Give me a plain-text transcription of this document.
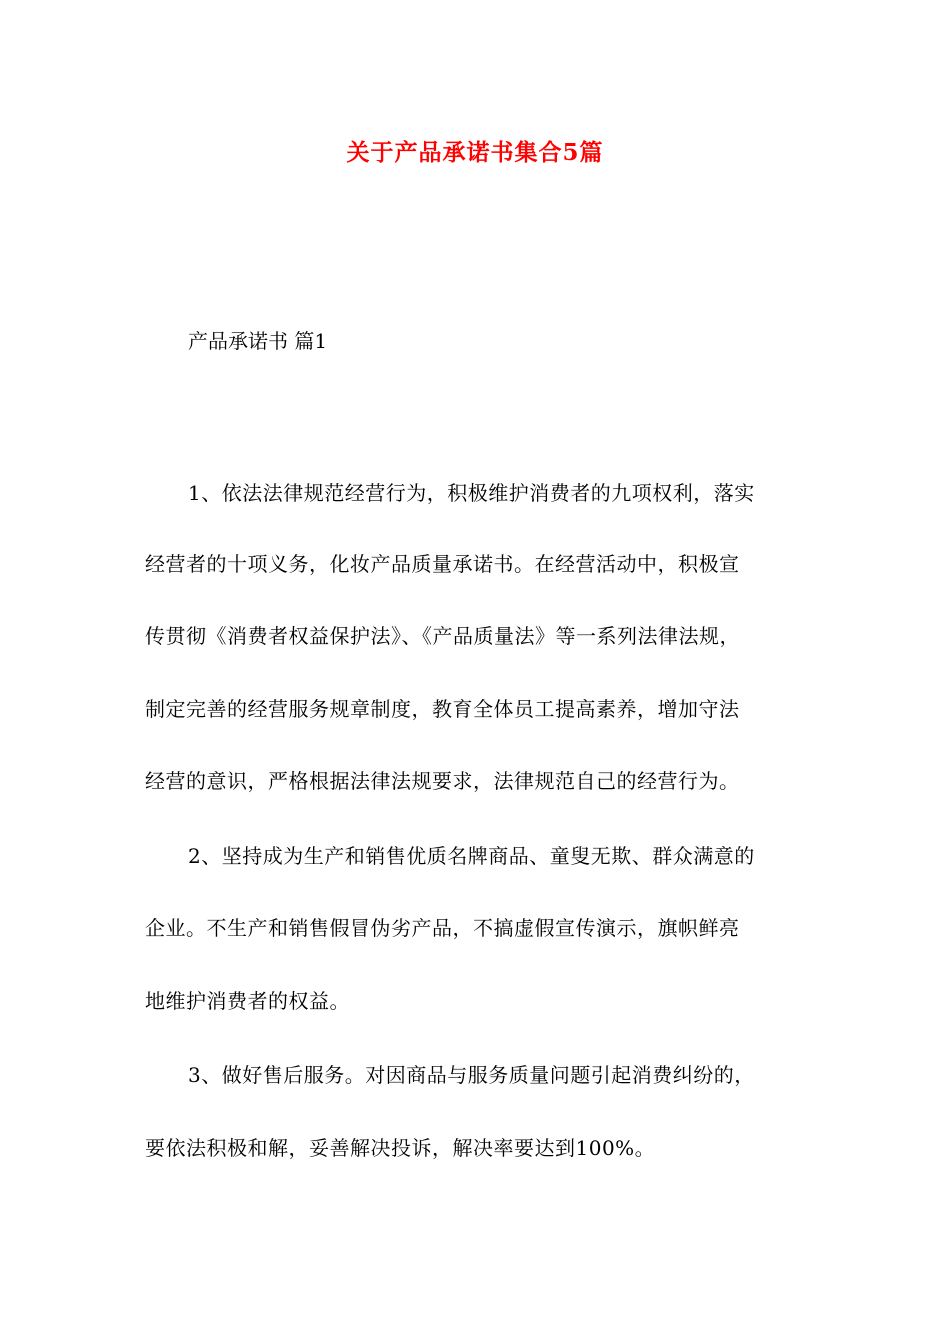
关于产品承诺书集合5篇

产品承诺书 篇1

1、依法法律规范经营行为，积极维护消费者的九项权利，落实

经营者的十项义务，化妆产品质量承诺书。在经营活动中，积极宣

传贯彻《消费者权益保护法》、《产品质量法》等一系列法律法规，

制定完善的经营服务规章制度，教育全体员工提高素养，增加守法

经营的意识，严格根据法律法规要求，法律规范自己的经营行为。

2、坚持成为生产和销售优质名牌商品、童叟无欺、群众满意的

企业。不生产和销售假冒伪劣产品，不搞虚假宣传演示，旗帜鲜亮

地维护消费者的权益。

3、做好售后服务。对因商品与服务质量问题引起消费纠纷的，

要依法积极和解，妥善解决投诉，解决率要达到100%。
